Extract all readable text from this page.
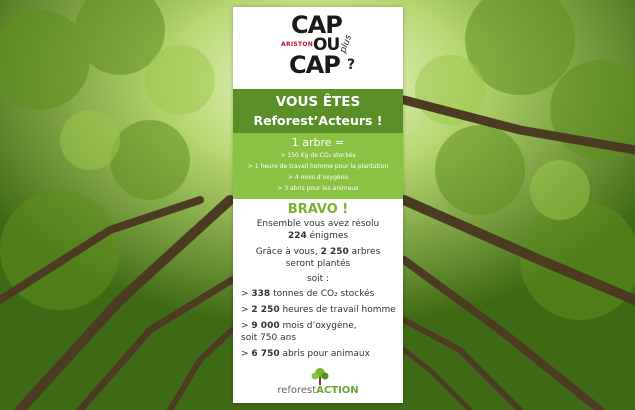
CAP
ARISTON OU
CAP
plus
?
VOUS ÊTES
Reforest’Acteurs !
1 arbre =
> 150 Kg de CO₂ stockés
> 1 heure de travail homme pour la plantation
> 4 mois d’oxygène
> 3 abris pour les animaux
BRAVO !
Ensemble vous avez résolu
224 énigmes
Grâce à vous, 2 250 arbres
seront plantés
soit :
> 338 tonnes de CO₂ stockés
> 2 250 heures de travail homme
> 9 000 mois d’oxygène,
soit 750 ans
> 6 750 abris pour animaux
reforestACTION
